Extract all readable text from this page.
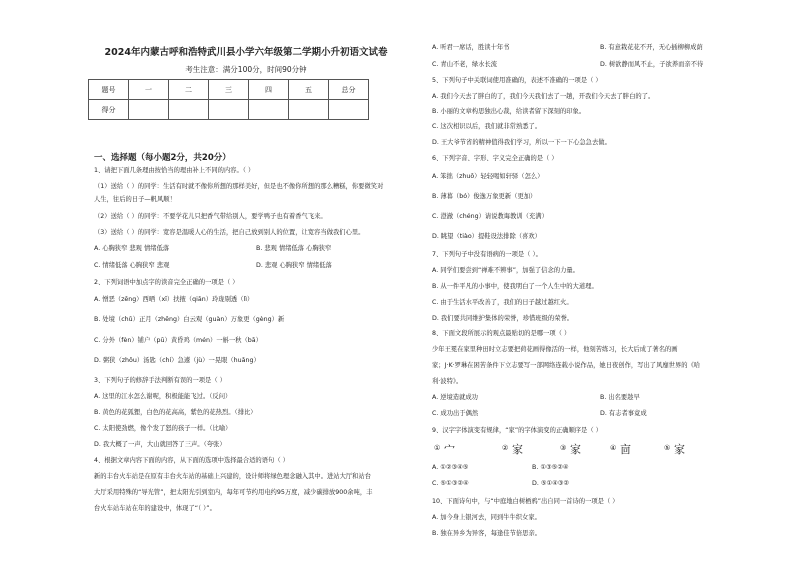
2024年内蒙古呼和浩特武川县小学六年级第二学期小升初语文试卷
考生注意：满分100分，时间90分钟
题号	一	二	三	四	五	总分
得分						
一、选择题（每小题2分，共20分）
1、请把下面几条理由按恰当的理由补上不同的内容。（ ）
（1）送给（ ）的同学：生活有时就不像你所想的那样美好，但是也不像你所想的那么糟糕，你要微笑对
人生，往后的日子—帆风顺！
（2）送给（ ）的同学：不要学花儿只把香气带给别人，要学鸭子也有着香气飞来。
（3）送给（ ）的同学：宽容是温暖人心的生活，把自己放到别人的位置，让宽容当做我们心里。
A. 心胸狭窄 悲观 情绪低落	B. 悲观 情绪低落 心胸狭窄
C. 情绪低落 心胸狭窄 悲观	D. 悲观 心胸狭窄 情绪低落
2、下列词语中加点字的读音完全正确的一项是（ ）
A. 憎恶（zēng）西晒（xī）扶掖（qiān）玲珑剔透（lì）
B. 处境（chǔ）正月（zhēng）白云观（guàn）万象更（gèng）新
C. 分外（fèn）铺户（pū）黄昏鸡（mén）一斛一秋（bā）
D. 粥狭（zhōu）汤匙（chí）急遽（jù）一晃眼（huǎng）
3、下列句子的修辞手法判断有误的一项是（ ）
A. 这里的江水怎么谢呢，积极能能飞过。（反问）
B. 黄色的花狐狸，白色的花高高，紫色的花热烈。（排比）
C. 太阳使劲燃，像个发了怒的孩子一样。（比喻）
D. 我大概了一声，大山就回答了三声。（夸张）
4、根据文章内容下面的内容，从下面的选项中选择最合适的语句（ ）
新的丰台火车站是在原有丰台火车站的基础上兴建的，设计师将绿色理念融入其中。进站大厅和站台
大厅采用特殊的“导光管”，把太阳光引到室内，每年可节约用电约95万度，减少碳排放900余吨，丰
台火车站车站在年的建设中，体现了“（ ）”。
A. 听君一席话，胜读十年书	B. 有意栽花花不开，无心插柳柳成荫
C. 青山不老，绿水长流	D. 树欲静而风不止，子欲养而亲不待
5、下列句子中关联词使用准确的，表述不准确的一项是（ ）
A. 我们今天去了胖白的了，我们今天我们去了一趟，开我们今天去了胖白的了。
B. 小丽的文章构思独出心裁，给读者留下深刻的印象。
C. 这次相识以后，我们就非常熟悉了。
D. 王大爷节省的精神值得我们学习，所以一下一下心急急去做。
6、下列字音、字形、字义完全正确的是（ ）
A. 笨拙（zhuō）轻轻喝如轩驿（怎么）
B. 薄暮（bó）俊逸万象更新（更加）
C. 澄澈（chéng）请说教诲教训（充满）
D. 眺望（tiào）提鞋设法排除（喜欢）
7、下列句子中没有语病的一项是（ ）。
A. 同学们要尝到“禅难不辨事”，加强了信念的力量。
B. 从一件平凡的小事中，使我明白了一个人生中的大道理。
C. 由于生活水平改善了，我们的日子越过越红火。
D. 我们要共同维护集体的荣誉，珍惜班级的荣誉。
8、下面文段所展示的观点最贴切的是哪一项（ ）
少年王冕在家里种田时立志要把荷花画得像活的一样，他刻苦练习，长大后成了著名的画
家；J·K·罗琳在困苦条件下立志要写一部网络连载小说作品，她日夜创作，写出了风靡世界的《哈
利·波特》。
A. 逆境造就成功	B. 出名要趁早
C. 成功出于偶然	D. 有志者事竟成
9、汉字字体演变有规律，“家”的字体演变的正确顺序是（ ）
① 宀	② 家	③ 家	④ 㐭	⑤ 家
A. ①②③④⑤	B. ①③⑤②④
C. ⑤①③②④	D. ⑤①④③②
10、下面诗句中，与“中庭地白树栖鸦”出自同一首诗的一项是（ ）
A. 加今身上银河去，同到牛牛织女家。
B. 独在异乡为异客，每逢佳节倍思亲。
